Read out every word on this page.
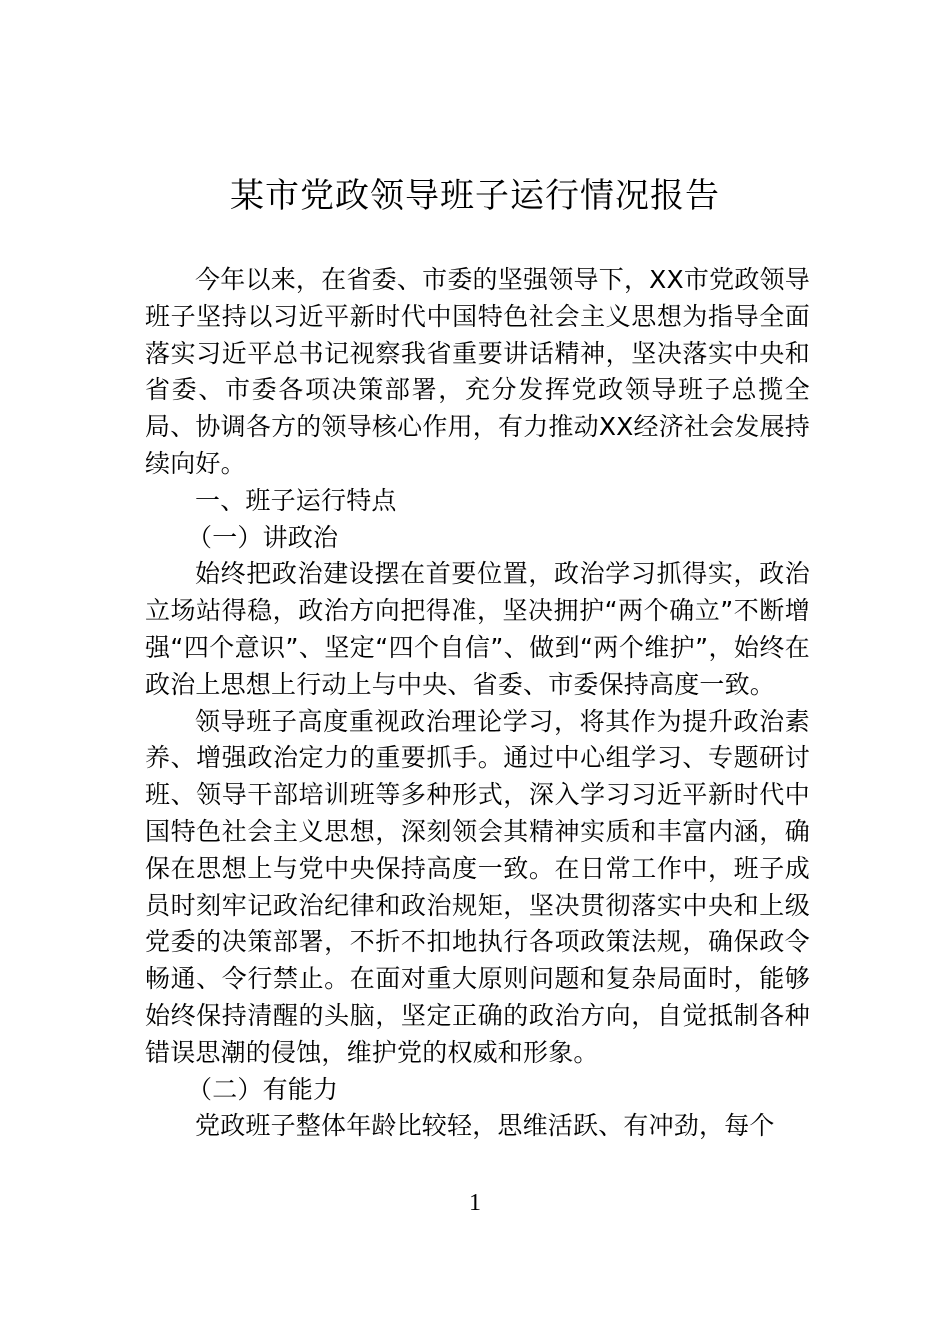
某市党政领导班子运行情况报告

今年以来，在省委、市委的坚强领导下，XX市党政领导班子坚持以习近平新时代中国特色社会主义思想为指导全面落实习近平总书记视察我省重要讲话精神，坚决落实中央和省委、市委各项决策部署，充分发挥党政领导班子总揽全局、协调各方的领导核心作用，有力推动XX经济社会发展持续向好。

一、班子运行特点

（一）讲政治

始终把政治建设摆在首要位置，政治学习抓得实，政治立场站得稳，政治方向把得准，坚决拥护“两个确立”不断增强“四个意识”、坚定“四个自信”、做到“两个维护”，始终在政治上思想上行动上与中央、省委、市委保持高度一致。

领导班子高度重视政治理论学习，将其作为提升政治素养、增强政治定力的重要抓手。通过中心组学习、专题研讨班、领导干部培训班等多种形式，深入学习习近平新时代中国特色社会主义思想，深刻领会其精神实质和丰富内涵，确保在思想上与党中央保持高度一致。在日常工作中，班子成员时刻牢记政治纪律和政治规矩，坚决贯彻落实中央和上级党委的决策部署，不折不扣地执行各项政策法规，确保政令畅通、令行禁止。在面对重大原则问题和复杂局面时，能够始终保持清醒的头脑，坚定正确的政治方向，自觉抵制各种错误思潮的侵蚀，维护党的权威和形象。

（二）有能力

党政班子整体年龄比较轻，思维活跃、有冲劲，每个

1
